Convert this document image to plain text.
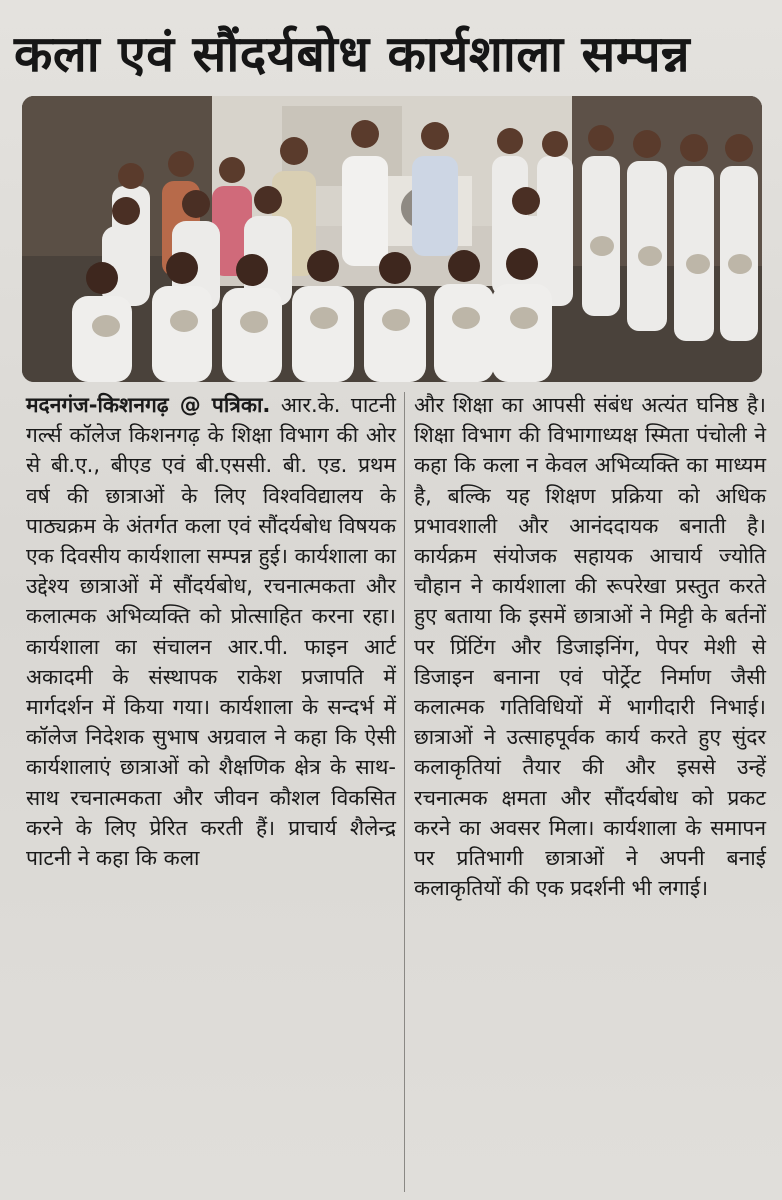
कला एवं सौंदर्यबोध कार्यशाला सम्पन्न
मदनगंज-किशनगढ़ @ पत्रिका. आर.के. पाटनी गर्ल्स कॉलेज किशनगढ़ के शिक्षा विभाग की ओर से बी.ए., बीएड एवं बी.एससी. बी. एड. प्रथम वर्ष की छात्राओं के लिए विश्वविद्यालय के पाठ्यक्रम के अंतर्गत कला एवं सौंदर्यबोध विषयक एक दिवसीय कार्यशाला सम्पन्न हुई। कार्यशाला का उद्देश्य छात्राओं में सौंदर्यबोध, रचनात्मकता और कलात्मक अभिव्यक्ति को प्रोत्साहित करना रहा। कार्यशाला का संचालन आर.पी. फाइन आर्ट अकादमी के संस्थापक राकेश प्रजापति में मार्गदर्शन में किया गया। कार्यशाला के सन्दर्भ में कॉलेज निदेशक सुभाष अग्रवाल ने कहा कि ऐसी कार्यशालाएं छात्राओं को शैक्षणिक क्षेत्र के साथ-साथ रचनात्मकता और जीवन कौशल विकसित करने के लिए प्रेरित करती हैं। प्राचार्य शैलेन्द्र पाटनी ने कहा कि कला
और शिक्षा का आपसी संबंध अत्यंत घनिष्ठ है। शिक्षा विभाग की विभागाध्यक्ष स्मिता पंचोली ने कहा कि कला न केवल अभिव्यक्ति का माध्यम है, बल्कि यह शिक्षण प्रक्रिया को अधिक प्रभावशाली और आनंददायक बनाती है। कार्यक्रम संयोजक सहायक आचार्य ज्योति चौहान ने कार्यशाला की रूपरेखा प्रस्तुत करते हुए बताया कि इसमें छात्राओं ने मिट्टी के बर्तनों पर प्रिंटिंग और डिजाइनिंग, पेपर मेशी से डिजाइन बनाना एवं पोर्ट्रेट निर्माण जैसी कलात्मक गतिविधियों में भागीदारी निभाई। छात्राओं ने उत्साहपूर्वक कार्य करते हुए सुंदर कलाकृतियां तैयार की और इससे उन्हें रचनात्मक क्षमता और सौंदर्यबोध को प्रकट करने का अवसर मिला। कार्यशाला के समापन पर प्रतिभागी छात्राओं ने अपनी बनाई कलाकृतियों की एक प्रदर्शनी भी लगाई।
